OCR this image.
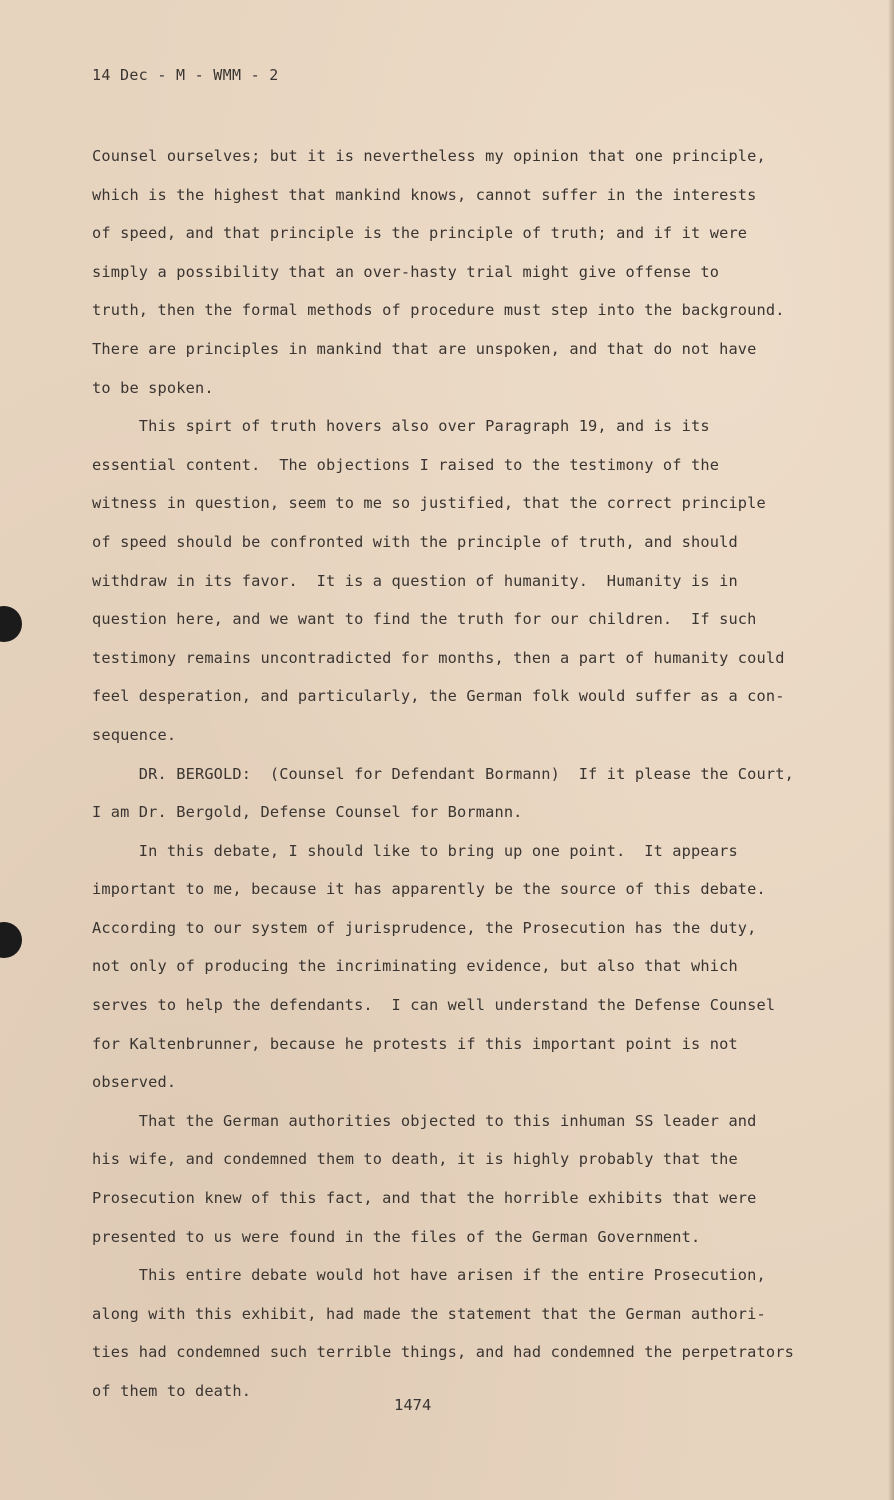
14 Dec - M - WMM - 2
Counsel ourselves; but it is nevertheless my opinion that one principle,
which is the highest that mankind knows, cannot suffer in the interests
of speed, and that principle is the principle of truth; and if it were
simply a possibility that an over-hasty trial might give offense to
truth, then the formal methods of procedure must step into the background.
There are principles in mankind that are unspoken, and that do not have
to be spoken.
This spirt of truth hovers also over Paragraph 19, and is its
essential content.  The objections I raised to the testimony of the
witness in question, seem to me so justified, that the correct principle
of speed should be confronted with the principle of truth, and should
withdraw in its favor.  It is a question of humanity.  Humanity is in
question here, and we want to find the truth for our children.  If such
testimony remains uncontradicted for months, then a part of humanity could
feel desperation, and particularly, the German folk would suffer as a con-
sequence.
DR. BERGOLD:  (Counsel for Defendant Bormann)  If it please the Court,
I am Dr. Bergold, Defense Counsel for Bormann.
In this debate, I should like to bring up one point.  It appears
important to me, because it has apparently be the source of this debate.
According to our system of jurisprudence, the Prosecution has the duty,
not only of producing the incriminating evidence, but also that which
serves to help the defendants.  I can well understand the Defense Counsel
for Kaltenbrunner, because he protests if this important point is not
observed.
That the German authorities objected to this inhuman SS leader and
his wife, and condemned them to death, it is highly probably that the
Prosecution knew of this fact, and that the horrible exhibits that were
presented to us were found in the files of the German Government.
This entire debate would hot have arisen if the entire Prosecution,
along with this exhibit, had made the statement that the German authori-
ties had condemned such terrible things, and had condemned the perpetrators
of them to death.
1474
